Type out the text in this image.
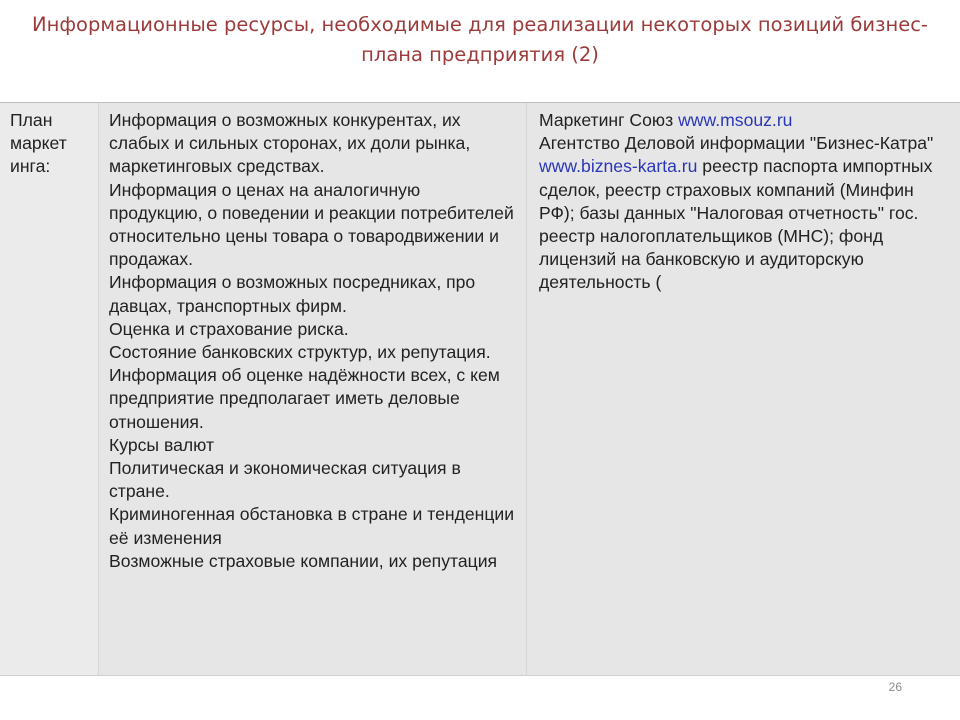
Информационные ресурсы, необходимые для реализации некоторых позиций бизнес-
плана предприятия (2)
План
маркет
инга:

Информация о возможных конкурентах, их слабых и сильных сторонах, их доли рынка, маркетинговых средствах.

Информация о ценах на аналогичную продукцию, о поведении и реакции потребителей относительно цены товара о товародвижении и продажах.

Информация о возможных посредниках, про давцах, транспортных фирм.

Оценка и страхование риска.

Состояние банковских структур, их репутация.

Информация об оценке надёжности всех, с кем предприятие предполагает иметь деловые отношения.

Курсы валют

Политическая и экономическая ситуация в стране.

Криминогенная обстановка в стране и тенденции её изменения

Возможные страховые компании, их репутация

Маркетинг Союз www.msouz.ru

Агентство Деловой информации "Бизнес-Катра" www.biznes-karta.ru реестр паспорта импортных сделок, реестр страховых компаний (Минфин РФ); базы данных "Налоговая отчетность" гос. реестр налогоплательщиков (МНС); фонд лицензий на банковскую и аудиторскую деятельность (

26
